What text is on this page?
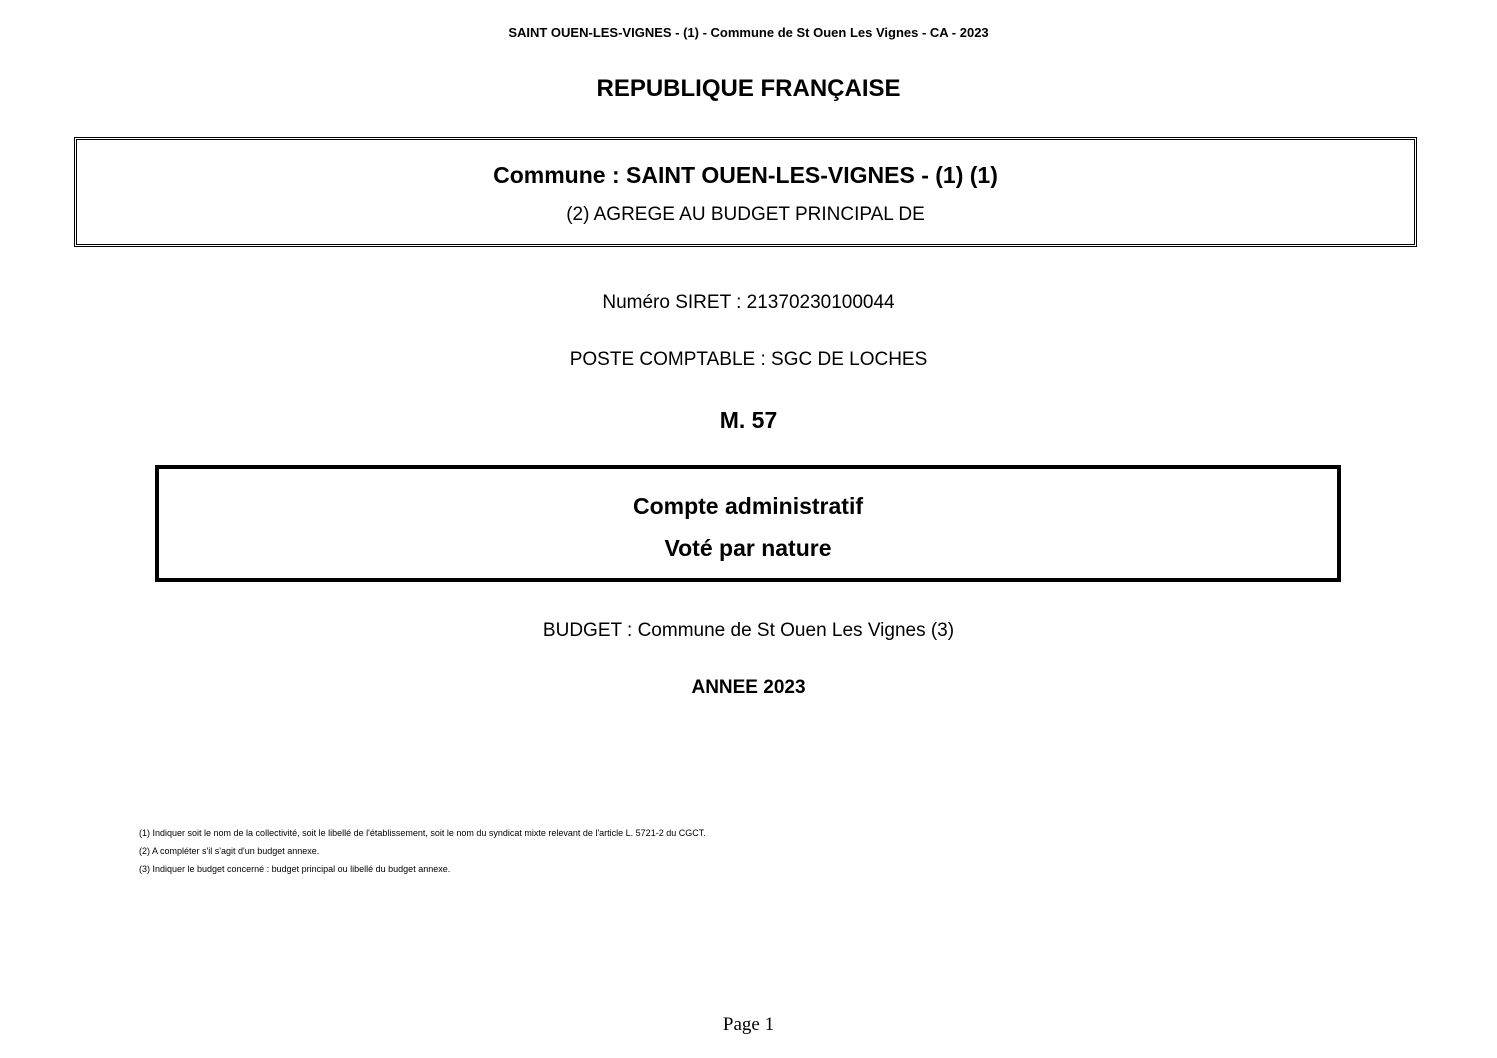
SAINT OUEN-LES-VIGNES - (1) - Commune de St Ouen Les Vignes - CA - 2023
REPUBLIQUE FRANÇAISE
Commune : SAINT OUEN-LES-VIGNES - (1) (1)
(2) AGREGE AU BUDGET PRINCIPAL DE
Numéro SIRET : 21370230100044
POSTE COMPTABLE : SGC DE LOCHES
M. 57
Compte administratif
Voté par nature
BUDGET : Commune de St Ouen Les Vignes (3)
ANNEE 2023
(1) Indiquer soit le nom de la collectivité, soit le libellé de l'établissement, soit le nom du syndicat mixte relevant de l'article L. 5721-2 du CGCT.
(2) A compléter s'il s'agit d'un budget annexe.
(3) Indiquer le budget concerné : budget principal ou libellé du budget annexe.
Page 1
